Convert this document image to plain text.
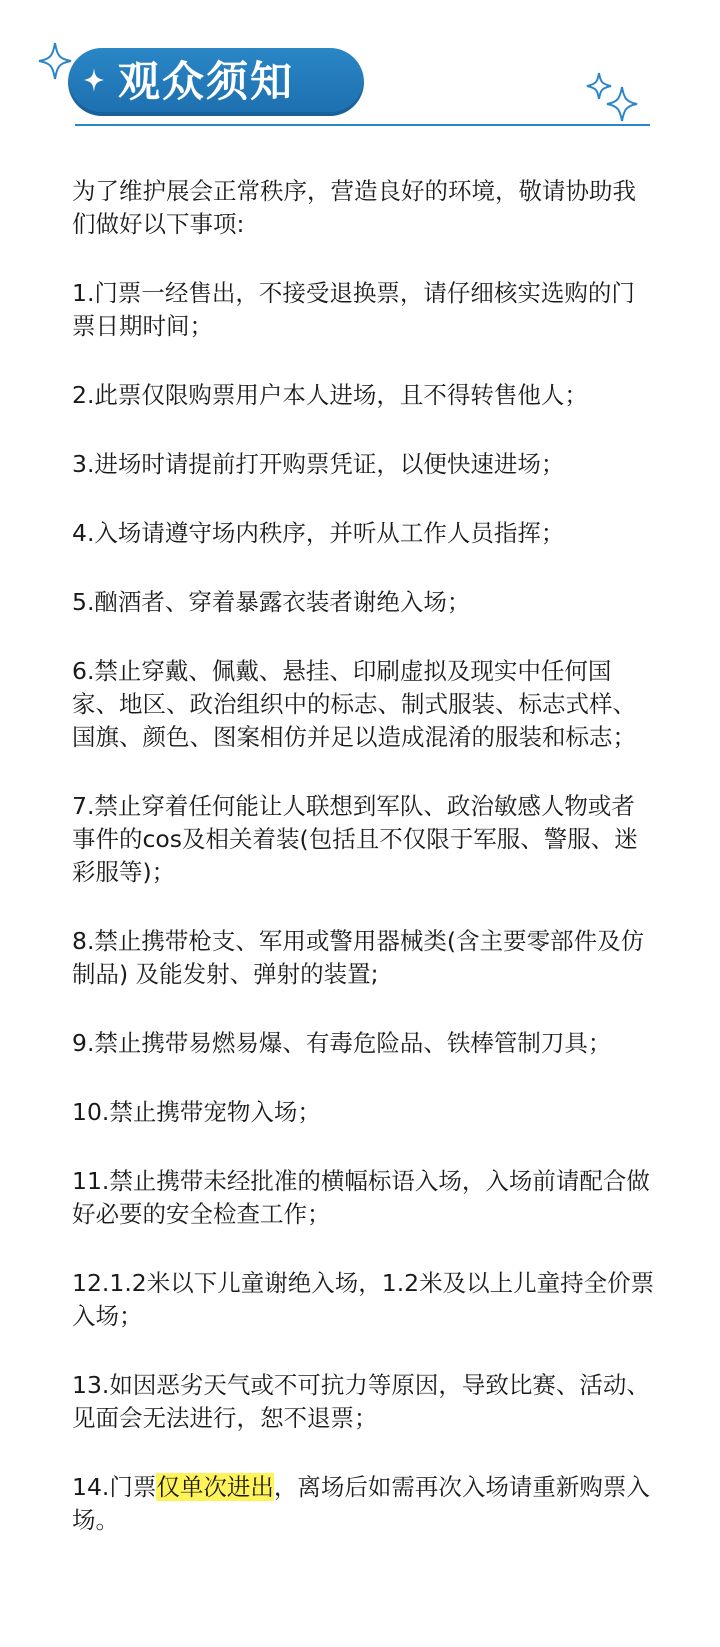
观众须知

为了维护展会正常秩序，营造良好的环境，敬请协助我们做好以下事项:

1.门票一经售出，不接受退换票，请仔细核实选购的门票日期时间；

2.此票仅限购票用户本人进场，且不得转售他人；

3.进场时请提前打开购票凭证，以便快速进场；

4.入场请遵守场内秩序，并听从工作人员指挥；

5.酗酒者、穿着暴露衣装者谢绝入场；

6.禁止穿戴、佩戴、悬挂、印刷虚拟及现实中任何国家、地区、政治组织中的标志、制式服装、标志式样、国旗、颜色、图案相仿并足以造成混淆的服装和标志；

7.禁止穿着任何能让人联想到军队、政治敏感人物或者事件的cos及相关着装(包括且不仅限于军服、警服、迷彩服等)；

8.禁止携带枪支、军用或警用器械类(含主要零部件及仿制品) 及能发射、弹射的装置;

9.禁止携带易燃易爆、有毒危险品、铁棒管制刀具；

10.禁止携带宠物入场；

11.禁止携带未经批准的横幅标语入场，入场前请配合做好必要的安全检查工作；

12.1.2米以下儿童谢绝入场，1.2米及以上儿童持全价票入场；

13.如因恶劣天气或不可抗力等原因，导致比赛、活动、见面会无法进行，恕不退票；

14.门票仅单次进出，离场后如需再次入场请重新购票入场。
